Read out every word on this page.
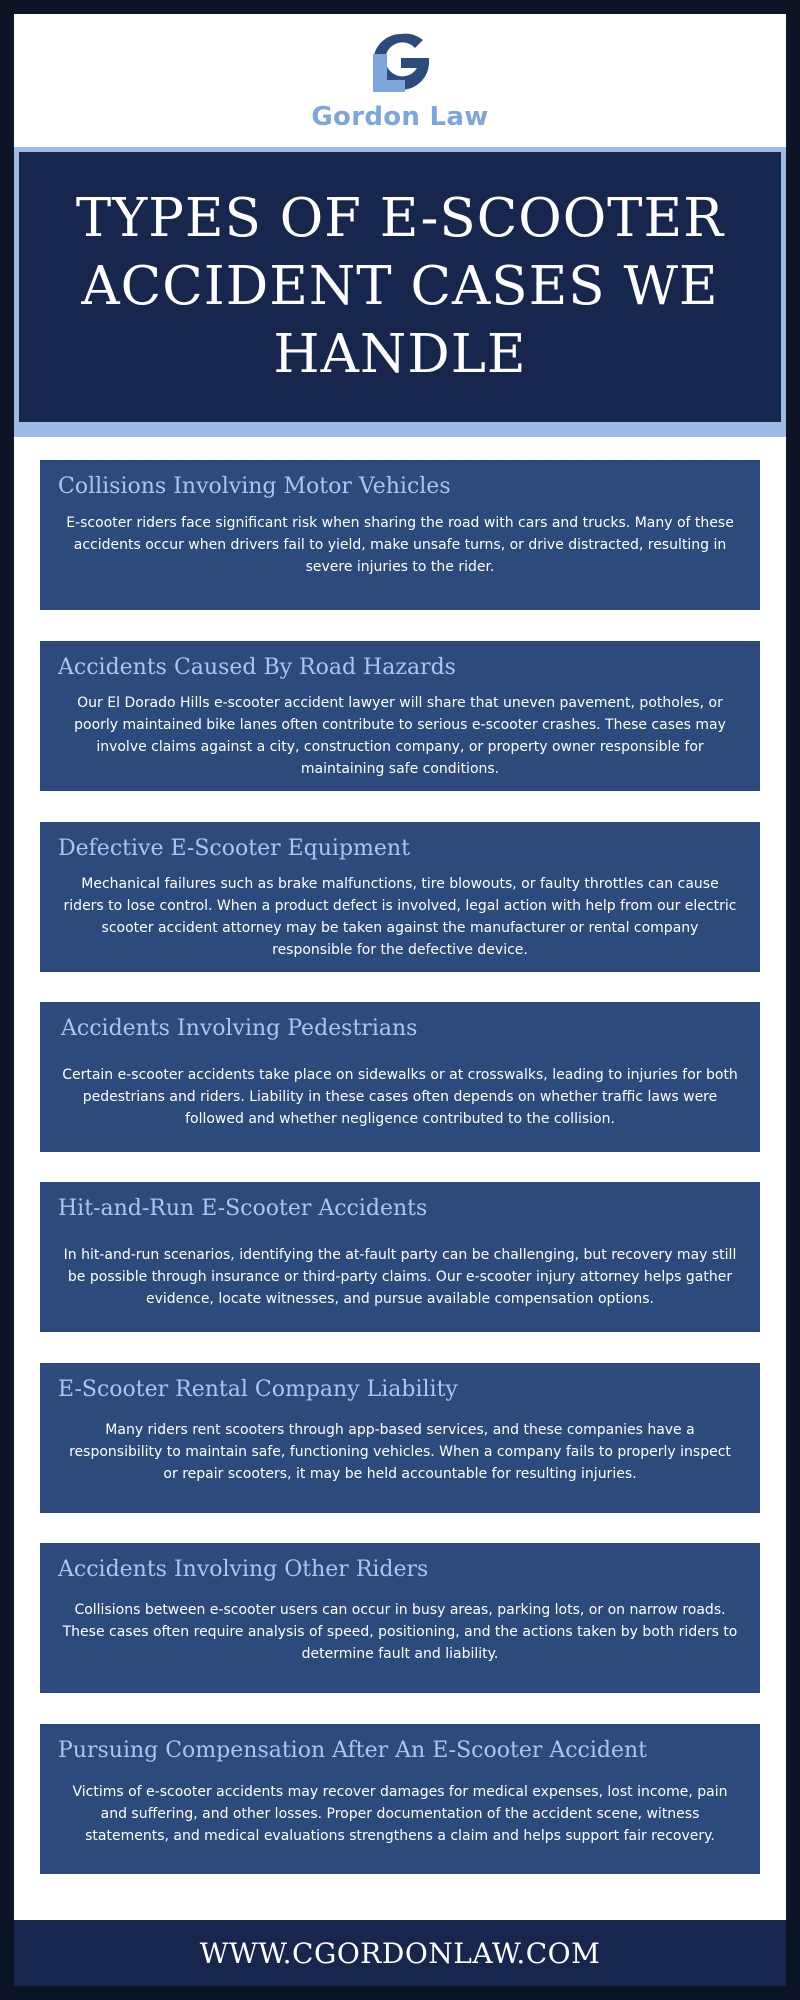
Gordon Law
TYPES OF E-SCOOTER ACCIDENT CASES WE HANDLE
Collisions Involving Motor Vehicles

E-scooter riders face significant risk when sharing the road with cars and trucks. Many of these accidents occur when drivers fail to yield, make unsafe turns, or drive distracted, resulting in severe injuries to the rider.

Accidents Caused By Road Hazards

Our El Dorado Hills e-scooter accident lawyer will share that uneven pavement, potholes, or poorly maintained bike lanes often contribute to serious e-scooter crashes. These cases may involve claims against a city, construction company, or property owner responsible for maintaining safe conditions.

Defective E-Scooter Equipment

Mechanical failures such as brake malfunctions, tire blowouts, or faulty throttles can cause riders to lose control. When a product defect is involved, legal action with help from our electric scooter accident attorney may be taken against the manufacturer or rental company responsible for the defective device.

Accidents Involving Pedestrians

Certain e-scooter accidents take place on sidewalks or at crosswalks, leading to injuries for both pedestrians and riders. Liability in these cases often depends on whether traffic laws were followed and whether negligence contributed to the collision.

Hit-and-Run E-Scooter Accidents

In hit-and-run scenarios, identifying the at-fault party can be challenging, but recovery may still be possible through insurance or third-party claims. Our e-scooter injury attorney helps gather evidence, locate witnesses, and pursue available compensation options.

E-Scooter Rental Company Liability

Many riders rent scooters through app-based services, and these companies have a responsibility to maintain safe, functioning vehicles. When a company fails to properly inspect or repair scooters, it may be held accountable for resulting injuries.

Accidents Involving Other Riders

Collisions between e-scooter users can occur in busy areas, parking lots, or on narrow roads. These cases often require analysis of speed, positioning, and the actions taken by both riders to determine fault and liability.

Pursuing Compensation After An E-Scooter Accident

Victims of e-scooter accidents may recover damages for medical expenses, lost income, pain and suffering, and other losses. Proper documentation of the accident scene, witness statements, and medical evaluations strengthens a claim and helps support fair recovery.

WWW.CGORDONLAW.COM
